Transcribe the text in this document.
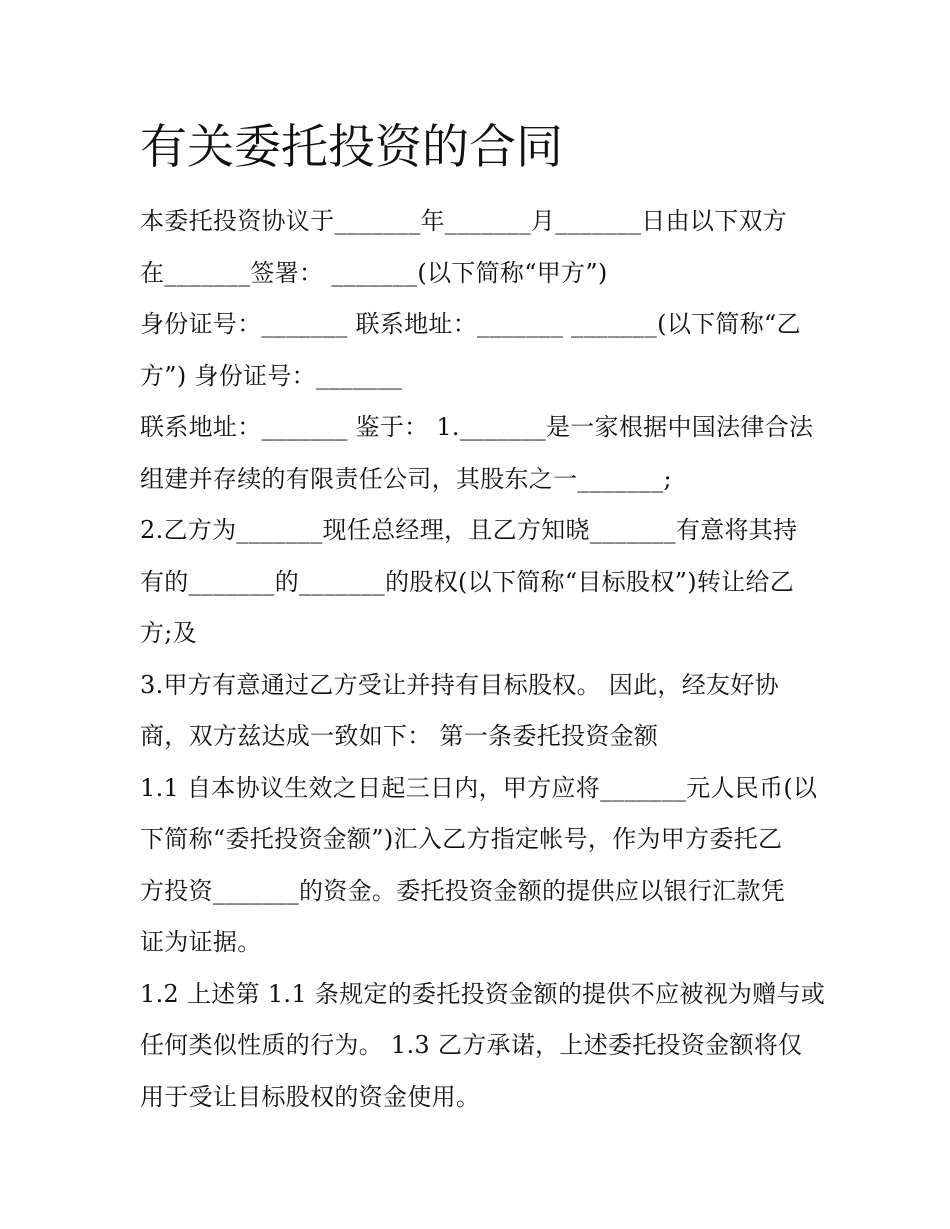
有关委托投资的合同
本委托投资协议于_______年_______月_______日由以下双方
在_______签署： _______(以下简称“甲方”)
身份证号：_______ 联系地址：_______ _______(以下简称“乙
方”) 身份证号：_______
联系地址：_______ 鉴于： 1._______是一家根据中国法律合法
组建并存续的有限责任公司，其股东之一_______;
2.乙方为_______现任总经理，且乙方知晓_______有意将其持
有的_______的_______的股权(以下简称“目标股权”)转让给乙
方;及
3.甲方有意通过乙方受让并持有目标股权。 因此，经友好协
商，双方兹达成一致如下： 第一条委托投资金额
1.1 自本协议生效之日起三日内，甲方应将_______元人民币(以
下简称“委托投资金额”)汇入乙方指定帐号，作为甲方委托乙
方投资_______的资金。委托投资金额的提供应以银行汇款凭
证为证据。
1.2 上述第 1.1 条规定的委托投资金额的提供不应被视为赠与或
任何类似性质的行为。 1.3 乙方承诺，上述委托投资金额将仅
用于受让目标股权的资金使用。
